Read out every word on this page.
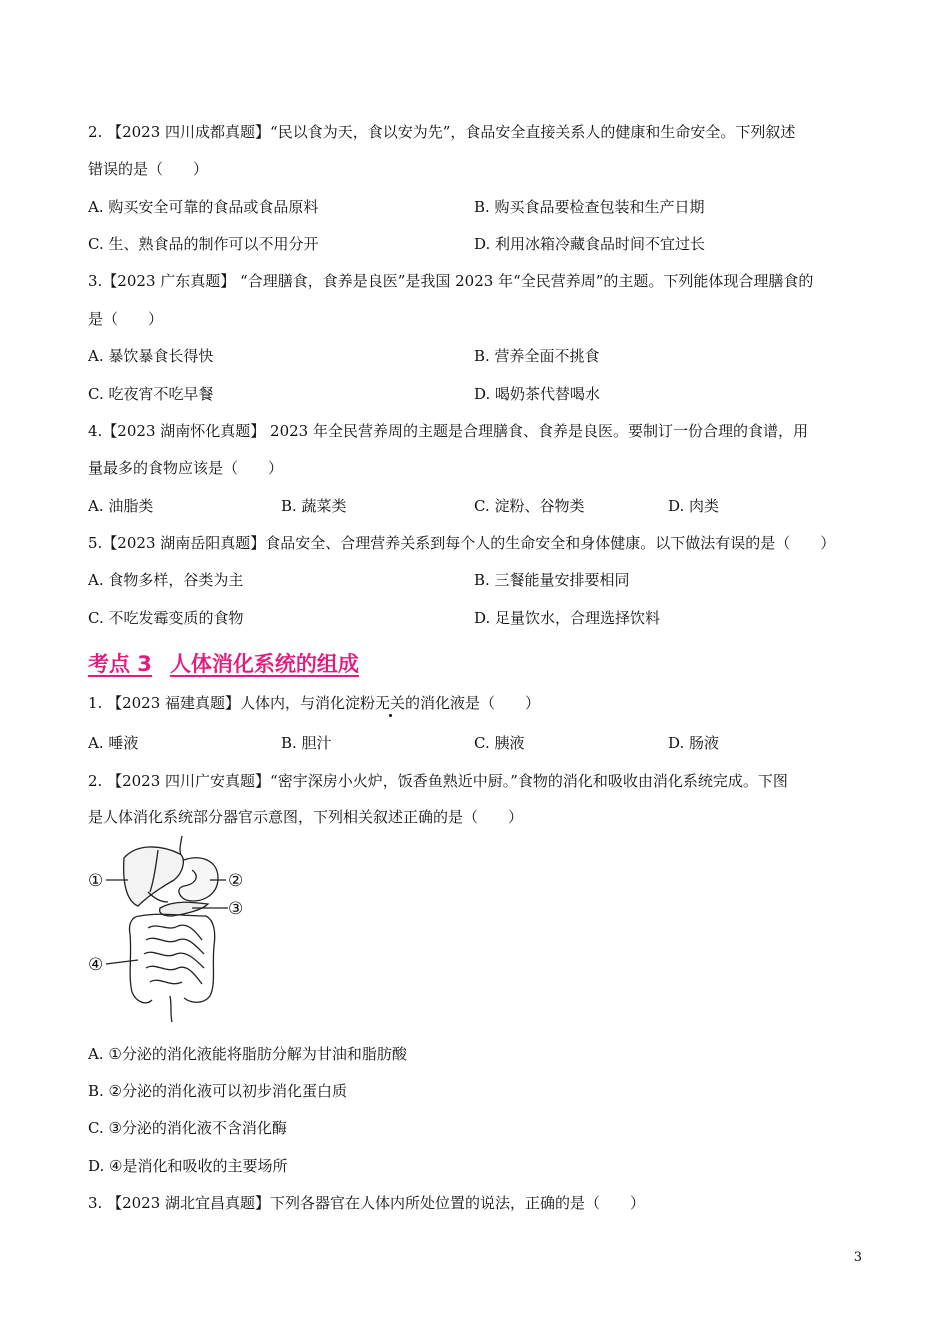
2. 【2023 四川成都真题】“民以食为天，食以安为先”，食品安全直接关系人的健康和生命安全。下列叙述
错误的是（　　）
A. 购买安全可靠的食品或食品原料	B. 购买食品要检查包装和生产日期
C. 生、熟食品的制作可以不用分开	D. 利用冰箱冷藏食品时间不宜过长
3.【2023 广东真题】 “合理膳食，食养是良医”是我国 2023 年“全民营养周”的主题。下列能体现合理膳食的
是（　　）
A. 暴饮暴食长得快	B. 营养全面不挑食
C. 吃夜宵不吃早餐	D. 喝奶茶代替喝水
4.【2023 湖南怀化真题】 2023 年全民营养周的主题是合理膳食、食养是良医。要制订一份合理的食谱，用
量最多的食物应该是（　　）
A. 油脂类	B. 蔬菜类	C. 淀粉、谷物类	D. 肉类
5.【2023 湖南岳阳真题】食品安全、合理营养关系到每个人的生命安全和身体健康。以下做法有误的是（　　）
A. 食物多样，谷类为主	B. 三餐能量安排要相同
C. 不吃发霉变质的食物	D. 足量饮水，合理选择饮料
考点 3 人体消化系统的组成
1. 【2023 福建真题】人体内，与消化淀粉无关的消化液是（　　）
A. 唾液	B. 胆汁	C. 胰液	D. 肠液
2. 【2023 四川广安真题】“密宇深房小火炉，饭香鱼熟近中厨。”食物的消化和吸收由消化系统完成。下图
是人体消化系统部分器官示意图，下列相关叙述正确的是（　　）
①	②
③
④
A. ①分泌的消化液能将脂肪分解为甘油和脂肪酸
B. ②分泌的消化液可以初步消化蛋白质
C. ③分泌的消化液不含消化酶
D. ④是消化和吸收的主要场所
3. 【2023 湖北宜昌真题】下列各器官在人体内所处位置的说法，正确的是（　　）
3
